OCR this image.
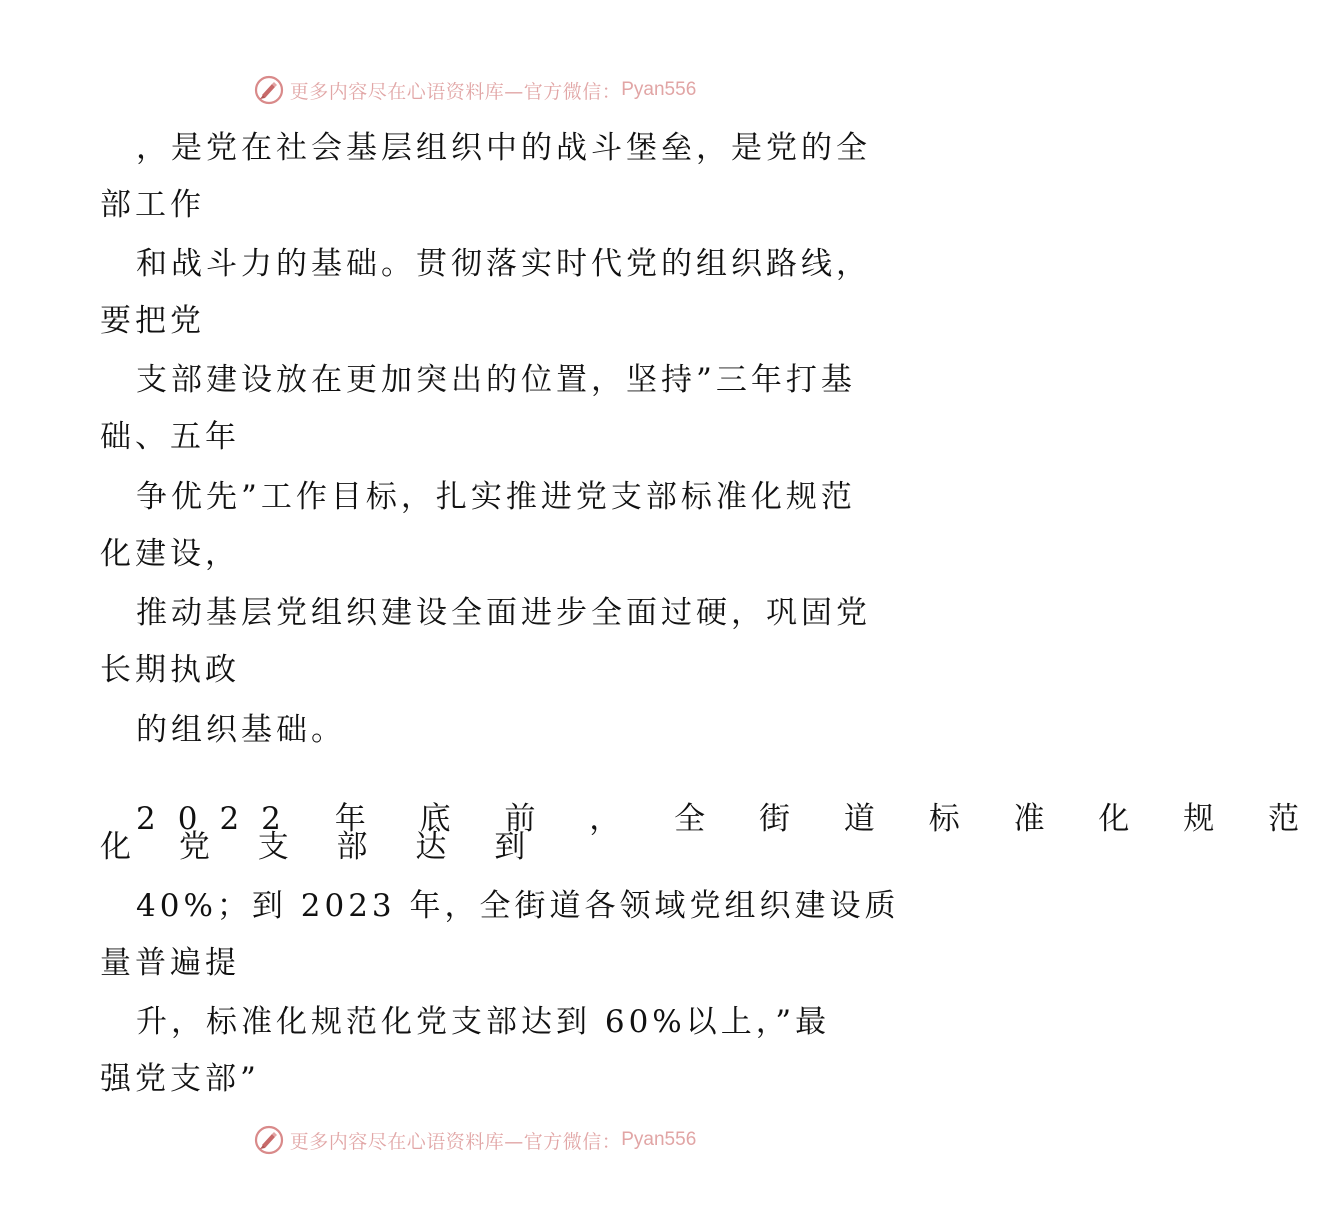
更多内容尽在心语资料库—官方微信： Pyan556
，是党在社会基层组织中的战斗堡垒，是党的全
部工作
和战斗力的基础。贯彻落实时代党的组织路线，
要把党
支部建设放在更加突出的位置，坚持”三年打基
础、五年
争优先”工作目标，扎实推进党支部标准化规范
化建设，
推动基层党组织建设全面进步全面过硬，巩固党
长期执政
的组织基础。
2022 年 底 前 ， 全 街 道 标 准 化 规 范
化 党 支 部 达 到
40%；到 2023 年，全街道各领域党组织建设质
量普遍提
升，标准化规范化党支部达到 60%以上，”最
强党支部”
更多内容尽在心语资料库—官方微信： Pyan556
